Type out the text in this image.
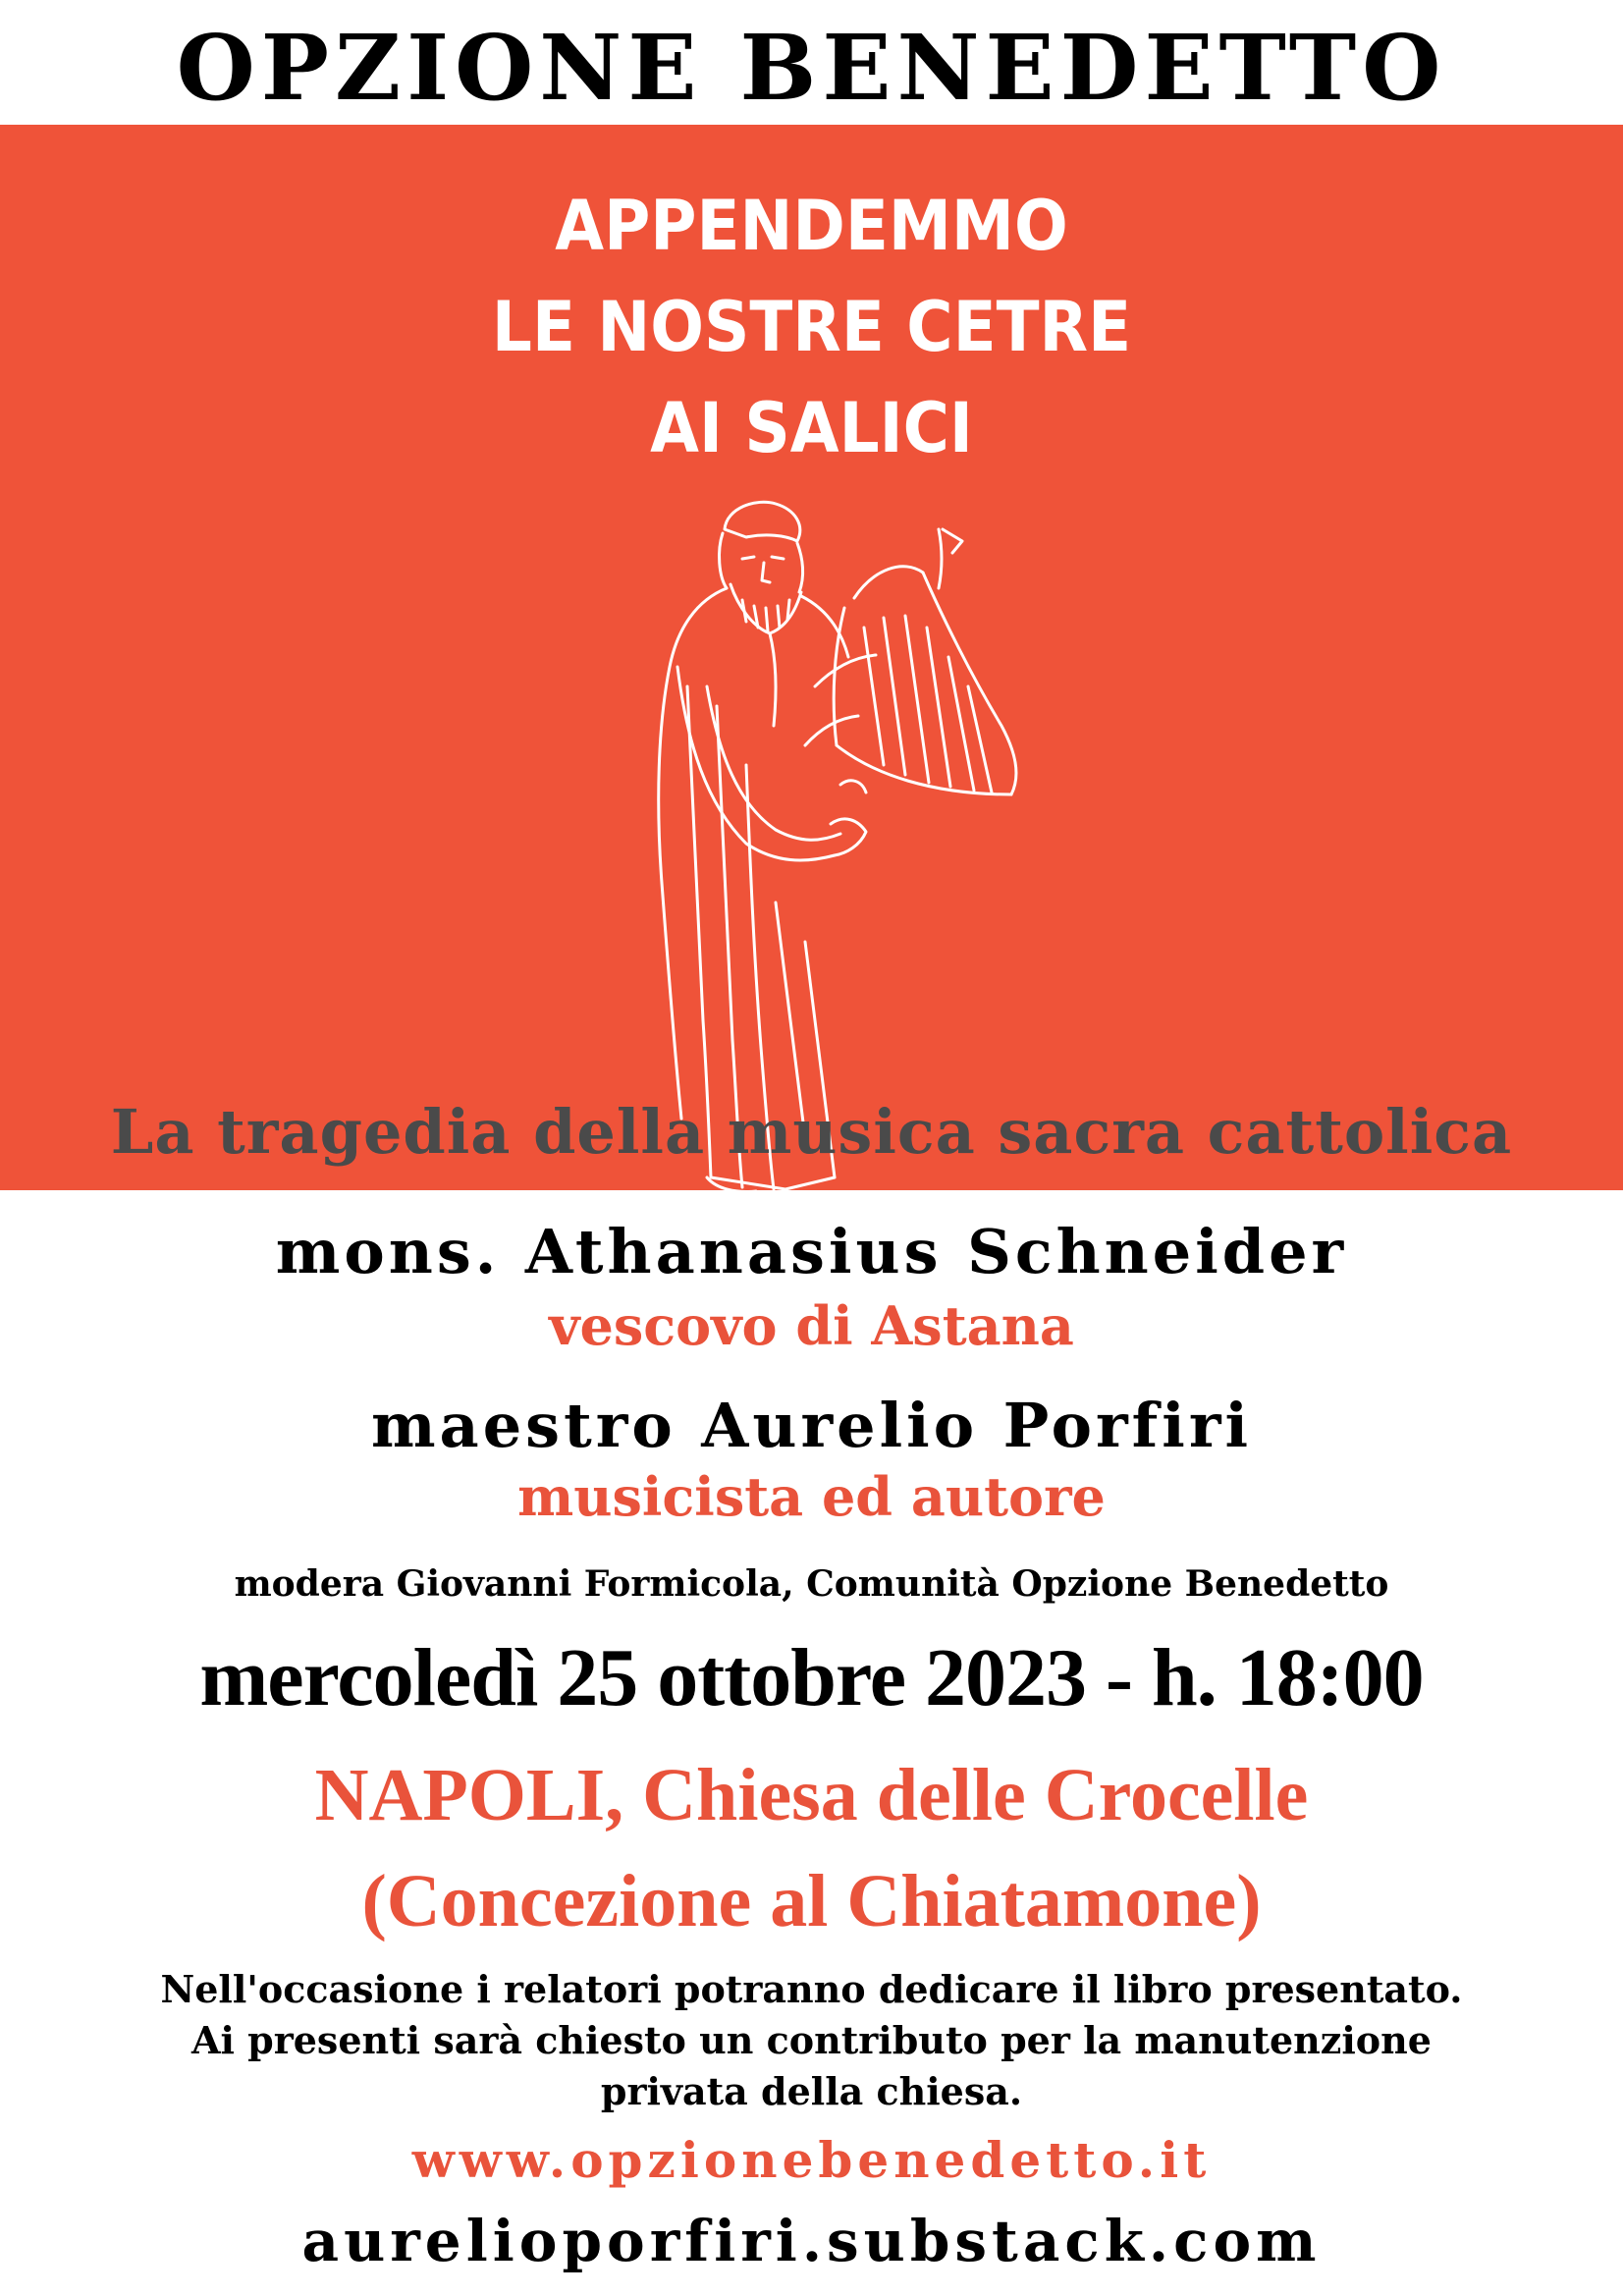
OPZIONE BENEDETTO
APPENDEMMO
LE NOSTRE CETRE
AI SALICI
La tragedia della musica sacra cattolica
mons. Athanasius Schneider
vescovo di Astana
maestro Aurelio Porfiri
musicista ed autore
modera Giovanni Formicola, Comunità Opzione Benedetto
mercoledì 25 ottobre 2023 - h. 18:00
NAPOLI, Chiesa delle Crocelle
(Concezione al Chiatamone)
Nell'occasione i relatori potranno dedicare il libro presentato.
Ai presenti sarà chiesto un contributo per la manutenzione
privata della chiesa.
www.opzionebenedetto.it
aurelioporfiri.substack.com
